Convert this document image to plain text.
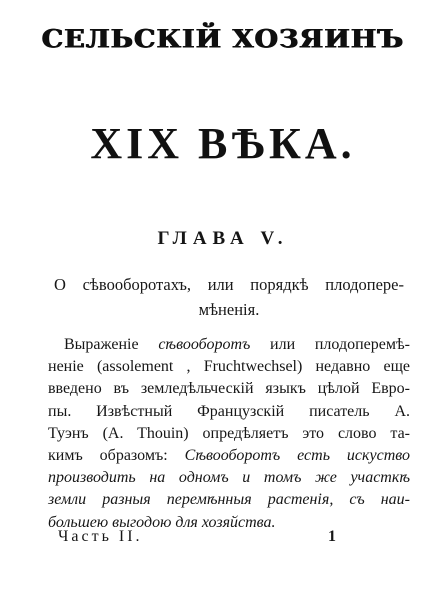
СЕЛЬСКІЙ ХОЗЯИНЪ
XIX ВѢКА.
ГЛАВА V.
О сѣвооборотахъ, или порядкѣ плодопере-мѣненія.
Выраженіе сѣвооборотъ или плодоперемѣ-
неніе (assolement , Fruchtwechsel) недавно еще
введено въ земледѣльческій языкъ цѣлой Евро-
пы. Извѣстный Французскій писатель А.
Туэнъ (A. Thouin) опредѣляетъ это слово та-
кимъ образомъ: Сѣвооборотъ есть искуство
производить на одномъ и томъ же участкѣ
земли разныя перемѣнныя растенія, съ наи-
большею выгодою для хозяйства.
Часть II.	1
